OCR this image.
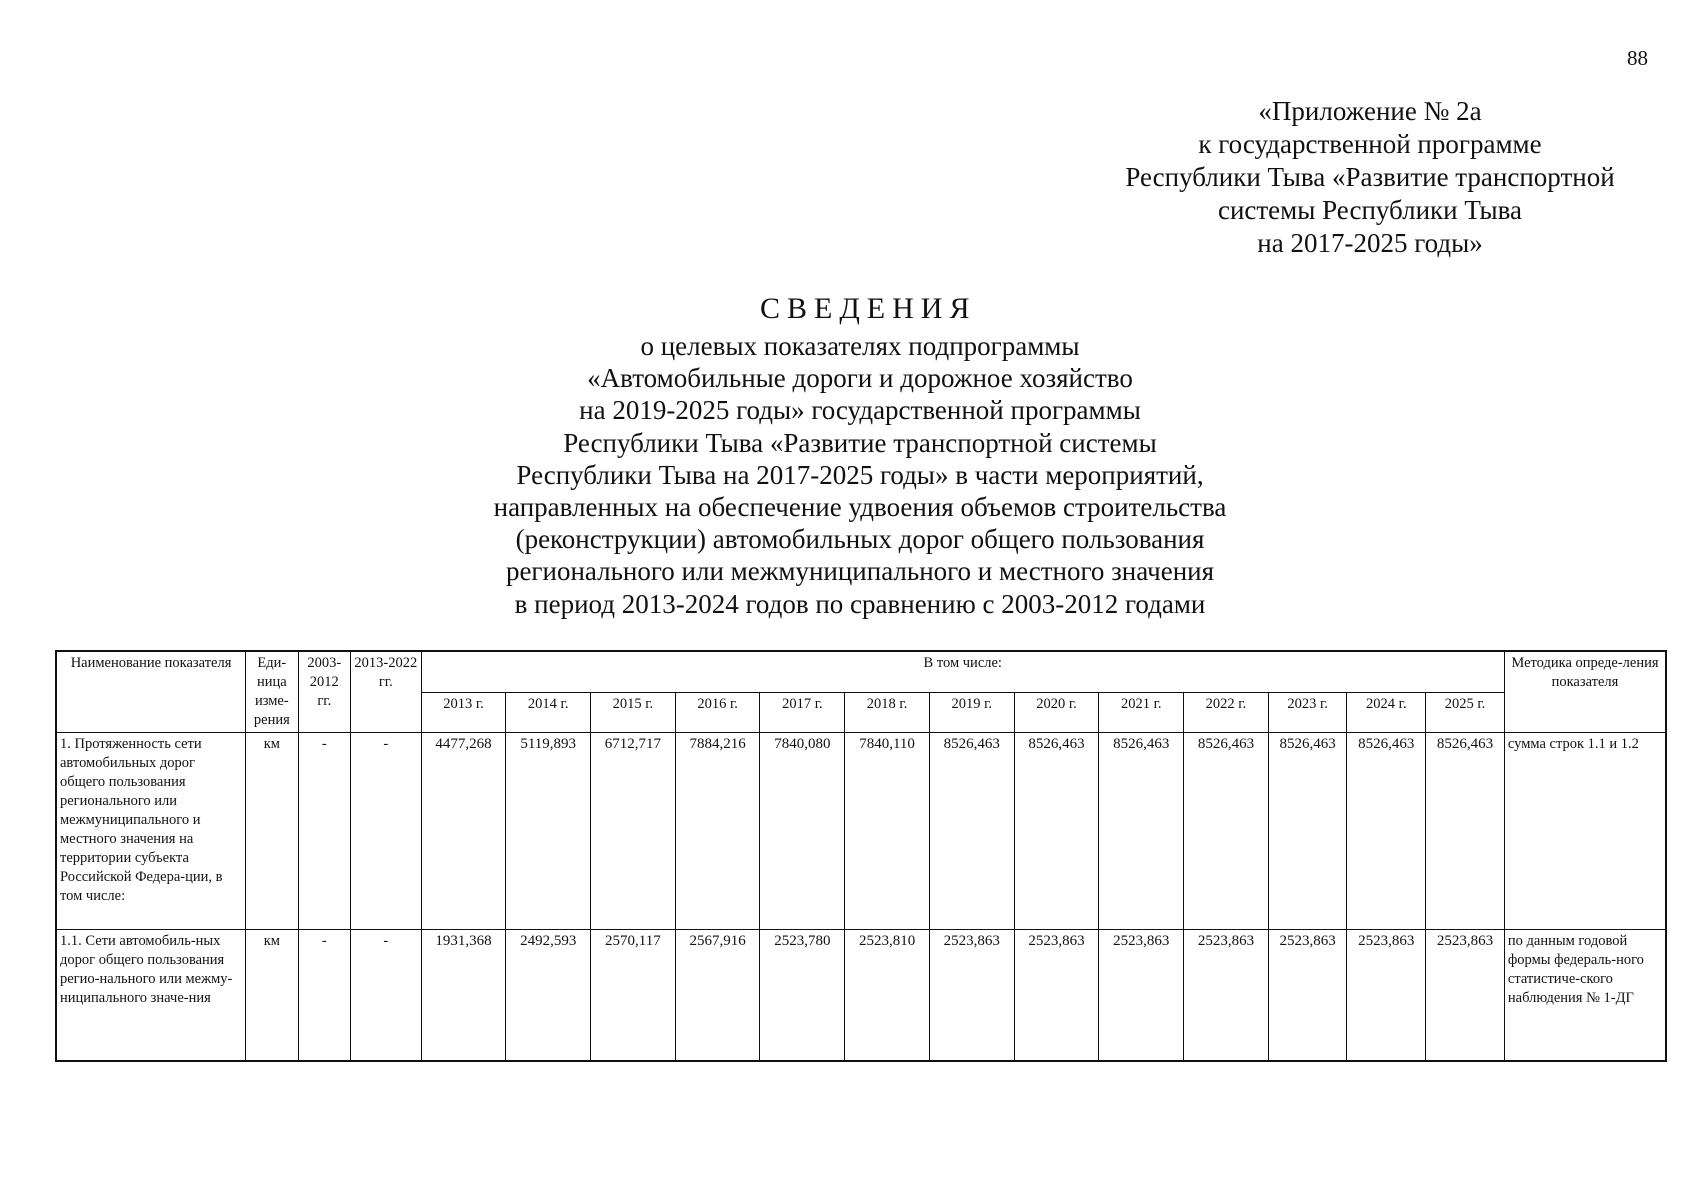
88
«Приложение № 2а
к государственной программе
Республики Тыва «Развитие транспортной
системы Республики Тыва
на 2017-2025 годы»
СВЕДЕНИЯ
о целевых показателях подпрограммы
«Автомобильные дороги и дорожное хозяйство
на 2019-2025 годы» государственной программы
Республики Тыва «Развитие транспортной системы
Республики Тыва на 2017-2025 годы» в части мероприятий,
направленных на обеспечение удвоения объемов строительства
(реконструкции) автомобильных дорог общего пользования
регионального или межмуниципального и местного значения
в период 2013-2024 годов по сравнению с 2003-2012 годами
Наименование показателя	Еди-ница изме-рения	2003-2012 гг.	2013-2022 гг.	В том числе:													Методика опреде-ления показателя
				2013 г.	2014 г.	2015 г.	2016 г.	2017 г.	2018 г.	2019 г.	2020 г.	2021 г.	2022 г.	2023 г.	2024 г.	2025 г.	
1. Протяженность сети автомобильных дорог общего пользования регионального или межмуниципального и местного значения на территории субъекта Российской Федера-ции, в том числе:	км	-	-	4477,268	5119,893	6712,717	7884,216	7840,080	7840,110	8526,463	8526,463	8526,463	8526,463	8526,463	8526,463	8526,463	сумма строк 1.1 и 1.2
1.1. Сети автомобиль-ных дорог общего пользования регио-нального или межму-ниципального значе-ния	км	-	-	1931,368	2492,593	2570,117	2567,916	2523,780	2523,810	2523,863	2523,863	2523,863	2523,863	2523,863	2523,863	2523,863	по данным годовой формы федераль-ного статистиче-ского наблюдения № 1-ДГ
